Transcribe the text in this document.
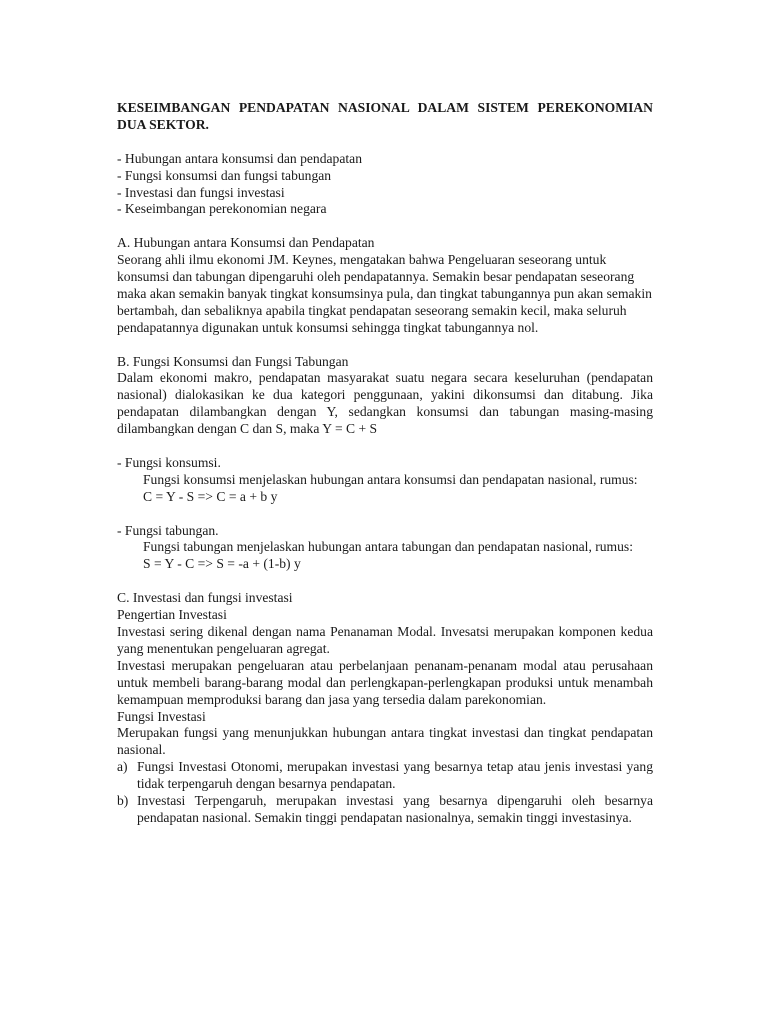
KESEIMBANGAN PENDAPATAN NASIONAL DALAM SISTEM PEREKONOMIAN DUA SEKTOR.
- Hubungan antara konsumsi dan pendapatan
- Fungsi konsumsi dan fungsi tabungan
- Investasi dan fungsi investasi
- Keseimbangan perekonomian negara
A. Hubungan antara Konsumsi dan Pendapatan
Seorang ahli ilmu ekonomi JM. Keynes, mengatakan bahwa Pengeluaran seseorang untuk konsumsi dan tabungan dipengaruhi oleh pendapatannya. Semakin besar pendapatan seseorang maka akan semakin banyak tingkat konsumsinya pula, dan tingkat tabungannya pun akan semakin bertambah, dan sebaliknya apabila tingkat pendapatan seseorang semakin kecil, maka seluruh pendapatannya digunakan untuk konsumsi sehingga tingkat tabungannya nol.
B. Fungsi Konsumsi dan Fungsi Tabungan
Dalam ekonomi makro, pendapatan masyarakat suatu negara secara keseluruhan (pendapatan nasional) dialokasikan ke dua kategori penggunaan, yakini dikonsumsi dan ditabung. Jika pendapatan dilambangkan dengan Y, sedangkan konsumsi dan tabungan masing-masing dilambangkan dengan C dan S, maka Y = C + S
- Fungsi konsumsi.
Fungsi konsumsi menjelaskan hubungan antara konsumsi dan pendapatan nasional, rumus:
C = Y - S => C = a + b y
- Fungsi tabungan.
Fungsi tabungan menjelaskan hubungan antara tabungan dan pendapatan nasional, rumus:
S = Y - C => S = -a + (1-b) y
C. Investasi dan fungsi investasi
Pengertian Investasi
Investasi sering dikenal dengan nama Penanaman Modal. Invesatsi merupakan komponen kedua yang menentukan pengeluaran agregat.
Investasi merupakan pengeluaran atau perbelanjaan penanam-penanam modal atau perusahaan untuk membeli barang-barang modal dan perlengkapan-perlengkapan produksi untuk menambah kemampuan memproduksi barang dan jasa yang tersedia dalam parekonomian.
Fungsi Investasi
Merupakan fungsi yang menunjukkan hubungan antara tingkat investasi dan tingkat pendapatan nasional.
a) Fungsi Investasi Otonomi, merupakan investasi yang besarnya tetap atau jenis investasi yang tidak terpengaruh dengan besarnya pendapatan.
b) Investasi Terpengaruh, merupakan investasi yang besarnya dipengaruhi oleh besarnya pendapatan nasional. Semakin tinggi pendapatan nasionalnya, semakin tinggi investasinya.
